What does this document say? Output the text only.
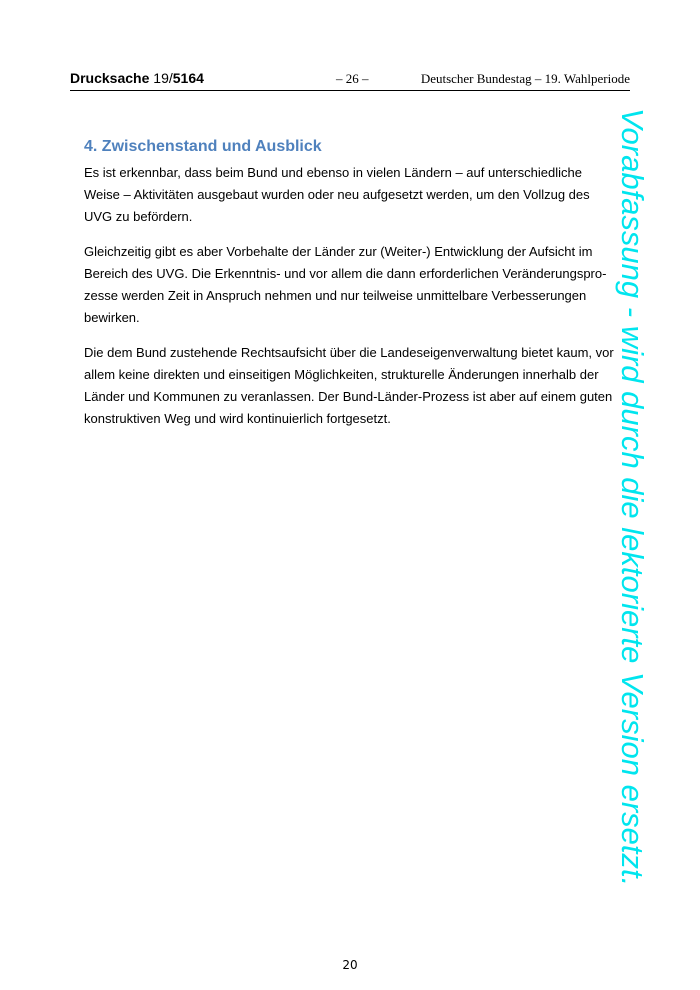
Drucksache 19/5164	– 26 –	Deutscher Bundestag – 19. Wahlperiode
4. Zwischenstand und Ausblick

Es ist erkennbar, dass beim Bund und ebenso in vielen Ländern – auf unterschiedliche Weise – Aktivitäten ausgebaut wurden oder neu aufgesetzt werden, um den Vollzug des UVG zu befördern.

Gleichzeitig gibt es aber Vorbehalte der Länder zur (Weiter-) Entwicklung der Aufsicht im Bereich des UVG. Die Erkenntnis- und vor allem die dann erforderlichen Veränderungspro- zesse werden Zeit in Anspruch nehmen und nur teilweise unmittelbare Verbesserungen bewirken.

Die dem Bund zustehende Rechtsaufsicht über die Landeseigenverwaltung bietet kaum, vor allem keine direkten und einseitigen Möglichkeiten, strukturelle Änderungen innerhalb der Länder und Kommunen zu veranlassen. Der Bund-Länder-Prozess ist aber auf einem guten konstruktiven Weg und wird kontinuierlich fortgesetzt.	Vorabfassung - wird durch die lektorierte Version ersetzt.
20
